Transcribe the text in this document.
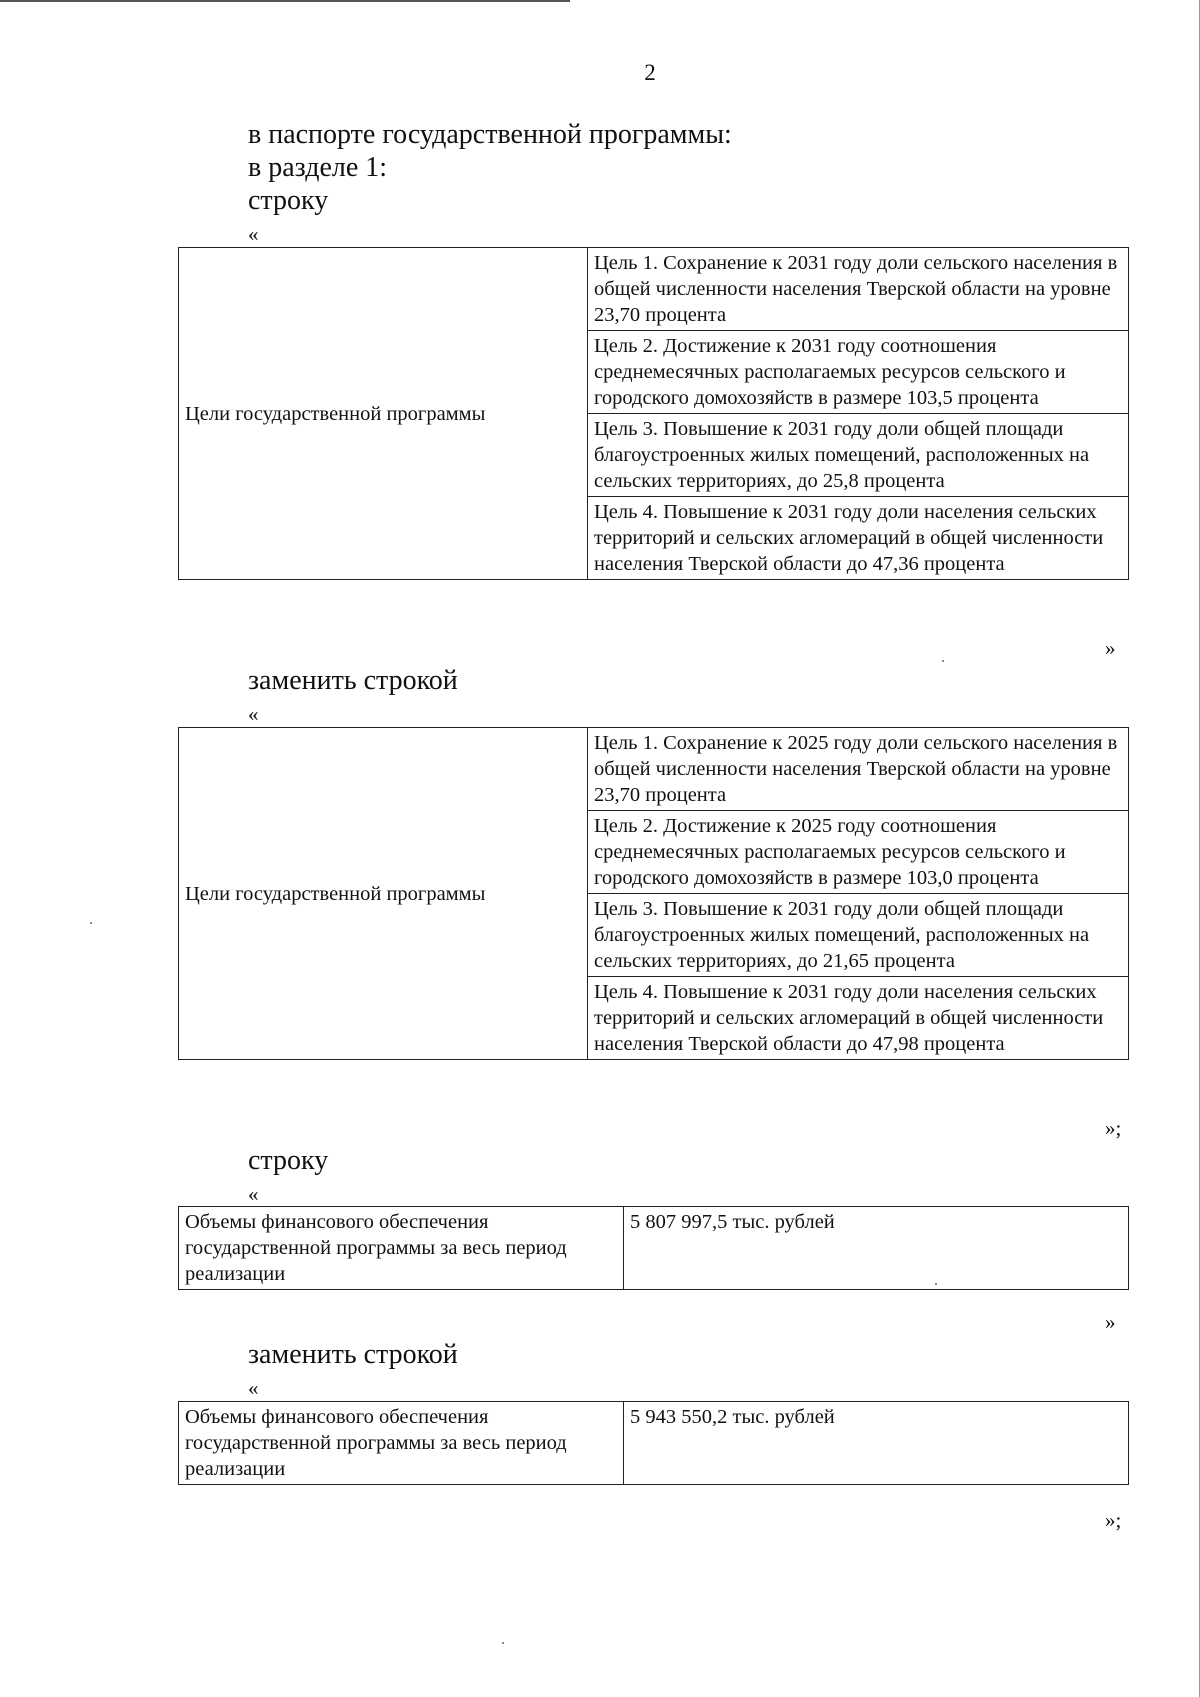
2
в паспорте государственной программы:
в разделе 1:
строку
«
Цели государственной программы	Цель 1. Сохранение к 2031 году доли сельского населения в общей численности населения Тверской области на уровне 23,70 процента
Цель 2. Достижение к 2031 году соотношения среднемесячных располагаемых ресурсов сельского и городского домохозяйств в размере 103,5 процента
Цель 3. Повышение к 2031 году доли общей площади благоустроенных жилых помещений, расположенных на сельских территориях, до 25,8 процента
Цель 4. Повышение к 2031 году доли населения сельских территорий и сельских агломераций в общей численности населения Тверской области до 47,36 процента
»
заменить строкой
«
Цели государственной программы	Цель 1. Сохранение к 2025 году доли сельского населения в общей численности населения Тверской области на уровне 23,70 процента
Цель 2. Достижение к 2025 году соотношения среднемесячных располагаемых ресурсов сельского и городского домохозяйств в размере 103,0 процента
Цель 3. Повышение к 2031 году доли общей площади благоустроенных жилых помещений, расположенных на сельских территориях, до 21,65 процента
Цель 4. Повышение к 2031 году доли населения сельских территорий и сельских агломераций в общей численности населения Тверской области до 47,98 процента
»;
строку
«
Объемы финансового обеспечения государственной программы за весь период реализации	5 807 997,5 тыс. рублей
»
заменить строкой
«
Объемы финансового обеспечения государственной программы за весь период реализации	5 943 550,2 тыс. рублей
»;
